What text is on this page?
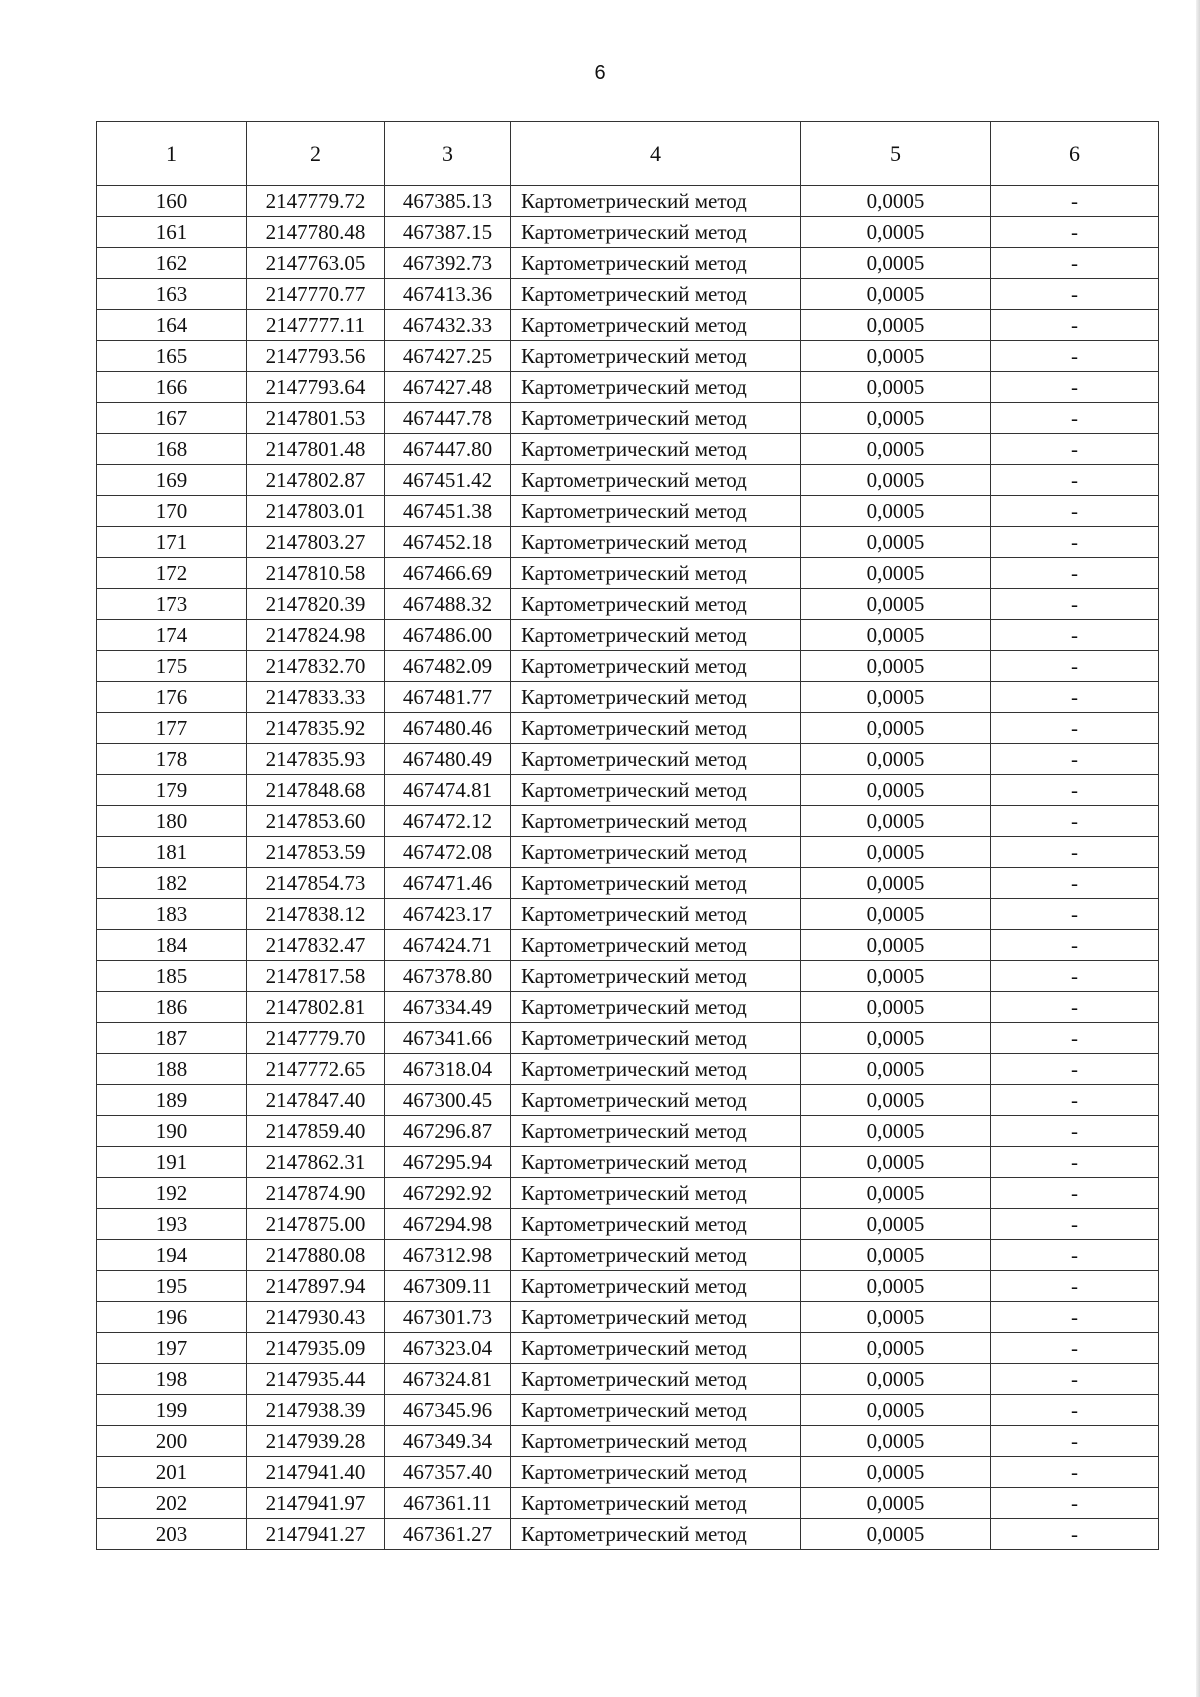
6
1	2	3	4	5	6
160	2147779.72	467385.13	Картометрический метод	0,0005	-
161	2147780.48	467387.15	Картометрический метод	0,0005	-
162	2147763.05	467392.73	Картометрический метод	0,0005	-
163	2147770.77	467413.36	Картометрический метод	0,0005	-
164	2147777.11	467432.33	Картометрический метод	0,0005	-
165	2147793.56	467427.25	Картометрический метод	0,0005	-
166	2147793.64	467427.48	Картометрический метод	0,0005	-
167	2147801.53	467447.78	Картометрический метод	0,0005	-
168	2147801.48	467447.80	Картометрический метод	0,0005	-
169	2147802.87	467451.42	Картометрический метод	0,0005	-
170	2147803.01	467451.38	Картометрический метод	0,0005	-
171	2147803.27	467452.18	Картометрический метод	0,0005	-
172	2147810.58	467466.69	Картометрический метод	0,0005	-
173	2147820.39	467488.32	Картометрический метод	0,0005	-
174	2147824.98	467486.00	Картометрический метод	0,0005	-
175	2147832.70	467482.09	Картометрический метод	0,0005	-
176	2147833.33	467481.77	Картометрический метод	0,0005	-
177	2147835.92	467480.46	Картометрический метод	0,0005	-
178	2147835.93	467480.49	Картометрический метод	0,0005	-
179	2147848.68	467474.81	Картометрический метод	0,0005	-
180	2147853.60	467472.12	Картометрический метод	0,0005	-
181	2147853.59	467472.08	Картометрический метод	0,0005	-
182	2147854.73	467471.46	Картометрический метод	0,0005	-
183	2147838.12	467423.17	Картометрический метод	0,0005	-
184	2147832.47	467424.71	Картометрический метод	0,0005	-
185	2147817.58	467378.80	Картометрический метод	0,0005	-
186	2147802.81	467334.49	Картометрический метод	0,0005	-
187	2147779.70	467341.66	Картометрический метод	0,0005	-
188	2147772.65	467318.04	Картометрический метод	0,0005	-
189	2147847.40	467300.45	Картометрический метод	0,0005	-
190	2147859.40	467296.87	Картометрический метод	0,0005	-
191	2147862.31	467295.94	Картометрический метод	0,0005	-
192	2147874.90	467292.92	Картометрический метод	0,0005	-
193	2147875.00	467294.98	Картометрический метод	0,0005	-
194	2147880.08	467312.98	Картометрический метод	0,0005	-
195	2147897.94	467309.11	Картометрический метод	0,0005	-
196	2147930.43	467301.73	Картометрический метод	0,0005	-
197	2147935.09	467323.04	Картометрический метод	0,0005	-
198	2147935.44	467324.81	Картометрический метод	0,0005	-
199	2147938.39	467345.96	Картометрический метод	0,0005	-
200	2147939.28	467349.34	Картометрический метод	0,0005	-
201	2147941.40	467357.40	Картометрический метод	0,0005	-
202	2147941.97	467361.11	Картометрический метод	0,0005	-
203	2147941.27	467361.27	Картометрический метод	0,0005	-
